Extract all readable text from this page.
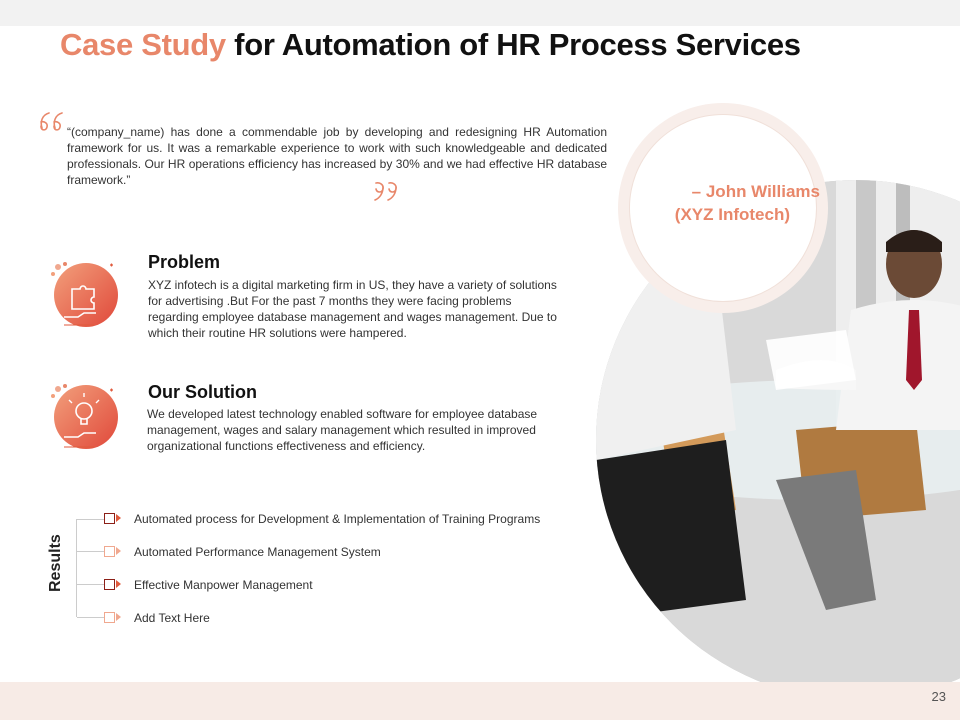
Case Study for Automation of HR Process Services
“(company_name) has done a commendable job by developing and redesigning HR Automation framework for us. It was a remarkable experience to work with such knowledgeable and dedicated professionals. Our HR operations efficiency has increased by 30% and we had effective HR database framework.”
– John Williams
(XYZ Infotech)
Problem
XYZ infotech is a digital marketing firm in US, they have a variety of solutions for advertising .But For the past 7 months they were facing problems regarding employee database management and wages management. Due to which their routine HR solutions were hampered.
Our Solution
We developed latest technology enabled software for employee database management, wages and salary management which resulted in improved organizational functions effectiveness and efficiency.
Results
Automated process for Development & Implementation of Training Programs
Automated Performance Management System
Effective Manpower Management
Add Text Here
23
